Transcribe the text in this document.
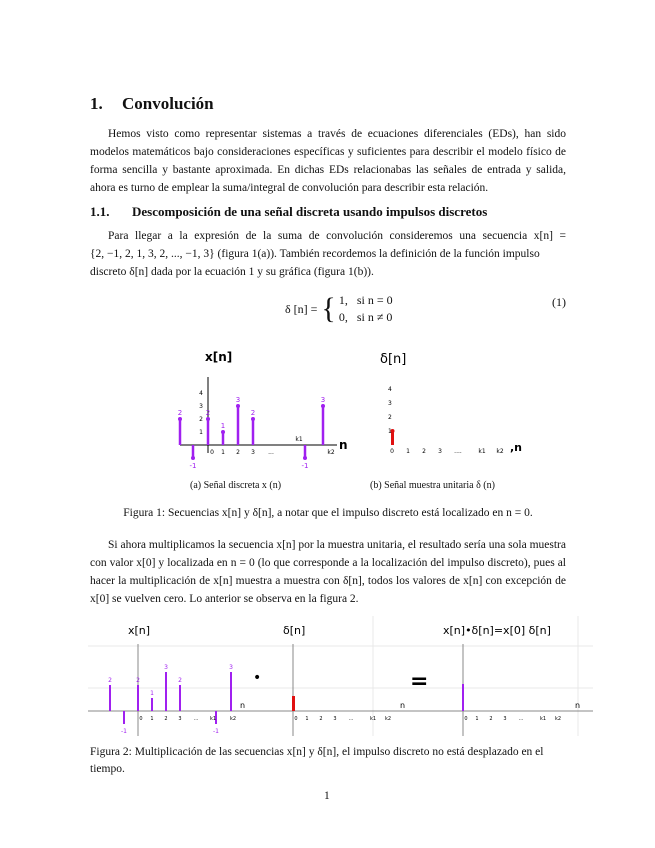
1. Convolución

Hemos visto como representar sistemas a través de ecuaciones diferenciales (EDs), han sido modelos matemáticos bajo consideraciones específicas y suficientes para describir el modelo físico de forma sencilla y bastante aproximada. En dichas EDs relacionabas las señales de entrada y salida, ahora es turno de emplear la suma/integral de convolución para describir esta relación.

1.1. Descomposición de una señal discreta usando impulsos discretos

Para llegar a la expresión de la suma de convolución consideremos una secuencia x[n] =

{2, −1, 2, 1, 3, 2, ..., −1, 3} (figura 1(a)). También recordemos la definición de la función impulso

discreto δ[n] dada por la ecuación 1 y su gráfica (figura 1(b)).

δ [n] = { 1,   si n = 0
0,   si n ≠ 0
(1)
x[n]
n
2
-1
2
1
3
2
-1
3
0 1 2 3 ...
k1
k2
1
2
3
4
(a) Señal discreta x (n)
δ[n]
0 1 2 3 ....	k1 k2
1
2
3
4
,n
(b) Señal muestra unitaria δ (n)

Figura 1: Secuencias x[n] y δ[n], a notar que el impulso discreto está localizado en n = 0.

Si ahora multiplicamos la secuencia x[n] por la muestra unitaria, el resultado sería una sola muestra con valor x[0] y localizada en n = 0 (lo que corresponde a la localización del impulso discreto), pues al hacer la multiplicación de x[n] muestra a muestra con δ[n], todos los valores de x[n] con excepción de x[0] se vuelven cero. Lo anterior se observa en la figura 2.

x[n]	δ[n]	x[n]•δ[n]=x[0] δ[n]
•	=
2
-1
2
1
3
2
-1
3
0 1 2 3 ... k1	k2	0 1 2 3 ...	k1 k2	0 1 2 3 ...	k1 k2
n	n	n

Figura 2: Multiplicación de las secuencias x[n] y δ[n], el impulso discreto no está desplazado en el tiempo.

1
